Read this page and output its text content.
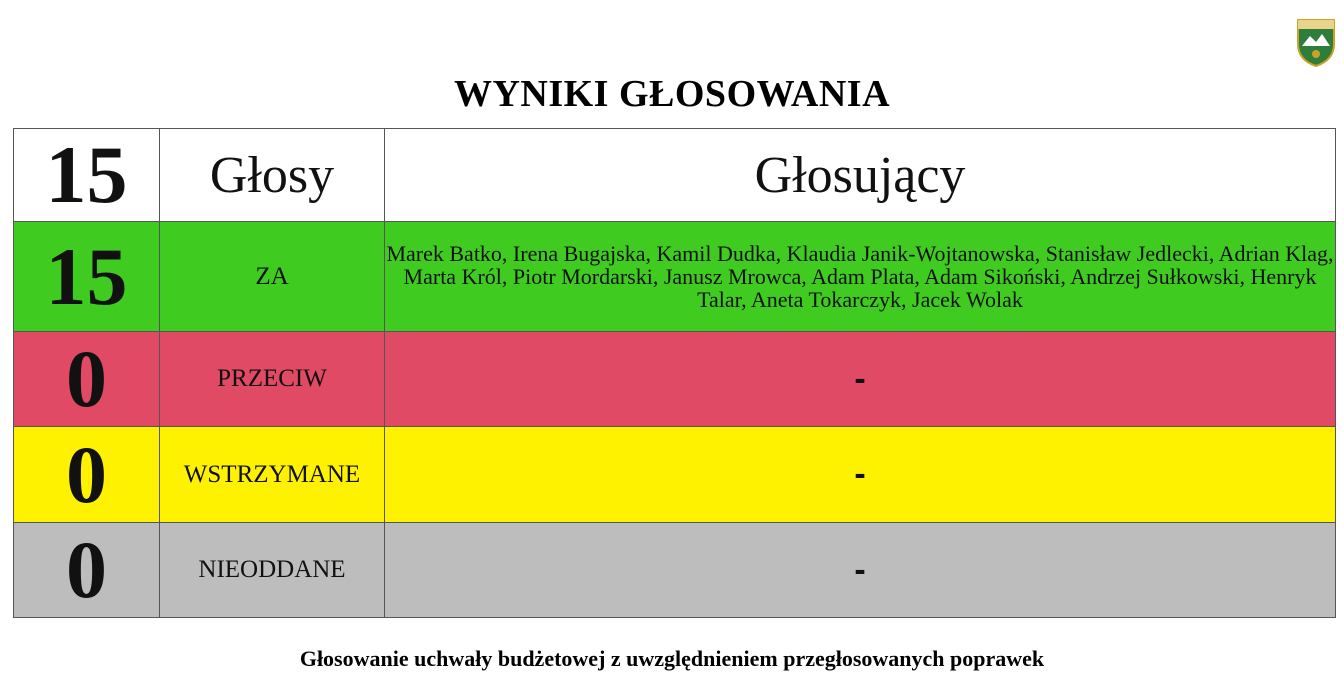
WYNIKI GŁOSOWANIA
15	Głosy	Głosujący
15	ZA	Marek Batko, Irena Bugajska, Kamil Dudka, Klaudia Janik-Wojtanowska, Stanisław Jedlecki, Adrian Klag, Marta Król, Piotr Mordarski, Janusz Mrowca, Adam Plata, Adam Sikoński, Andrzej Sułkowski, Henryk Talar, Aneta Tokarczyk, Jacek Wolak
0	PRZECIW	-
0	WSTRZYMANE	-
0	NIEODDANE	-
Głosowanie uchwały budżetowej z uwzględnieniem przegłosowanych poprawek
